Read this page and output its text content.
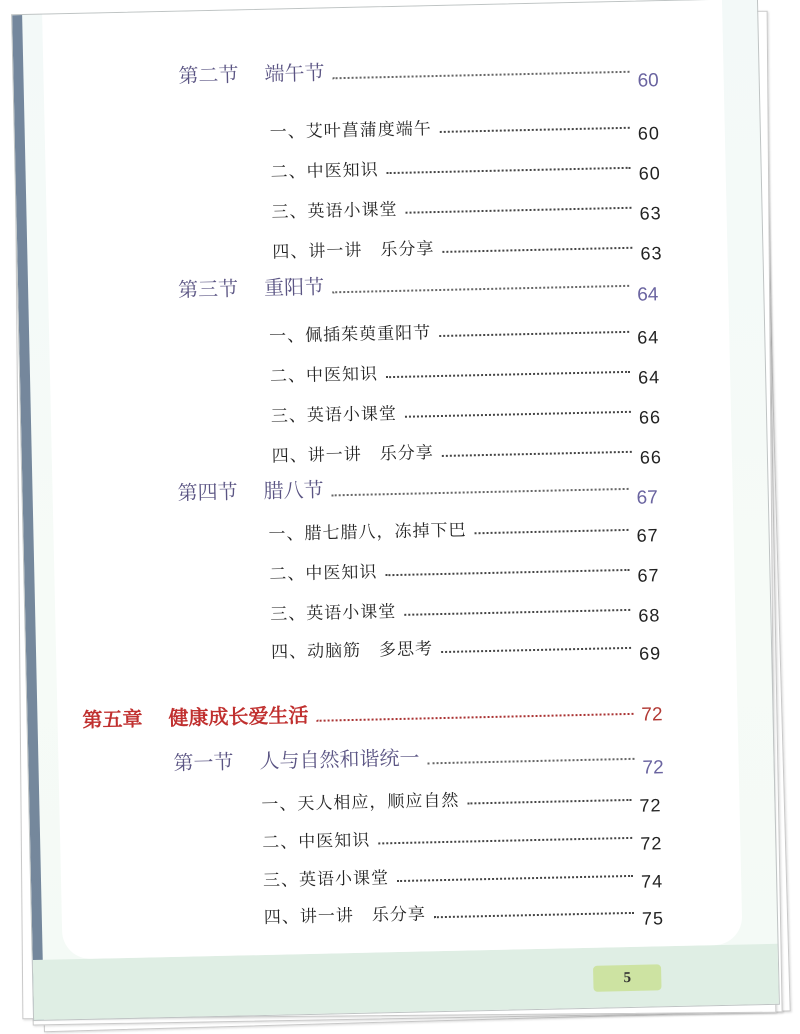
第二节 端午节	60
一、艾叶菖蒲度端午	60
二、中医知识	60
三、英语小课堂	63
四、讲一讲　乐分享	63
第三节 重阳节	64
一、佩插茱萸重阳节	64
二、中医知识	64
三、英语小课堂	66
四、讲一讲　乐分享	66
第四节 腊八节	67
一、腊七腊八，冻掉下巴	67
二、中医知识	67
三、英语小课堂	68
四、动脑筋　多思考	69
第五章 健康成长爱生活	72
第一节 人与自然和谐统一	72
一、天人相应，顺应自然	72
二、中医知识	72
三、英语小课堂	74
四、讲一讲　乐分享	75
5
